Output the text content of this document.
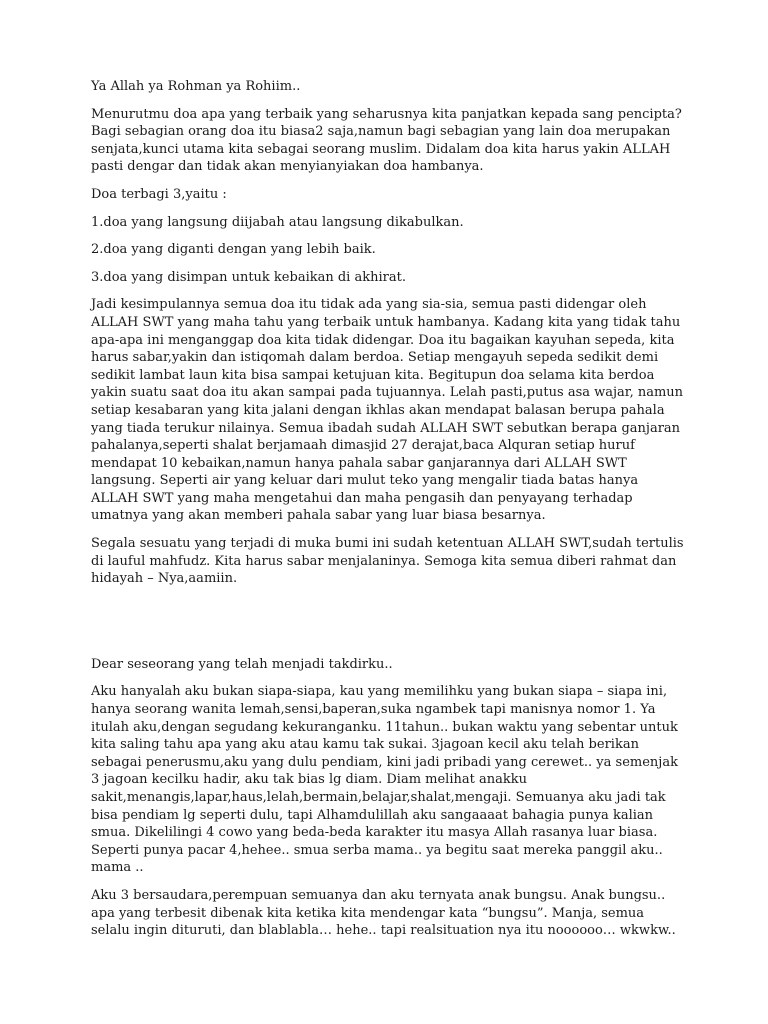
Ya Allah ya Rohman ya Rohiim..

Menurutmu doa apa yang terbaik yang seharusnya kita panjatkan kepada sang pencipta? Bagi sebagian orang doa itu biasa2 saja,namun bagi sebagian yang lain doa merupakan senjata,kunci utama kita sebagai seorang muslim. Didalam doa kita harus yakin ALLAH pasti dengar dan tidak akan menyianyiakan doa hambanya.

Doa terbagi 3,yaitu :

1.doa yang langsung diijabah atau langsung dikabulkan.

2.doa yang diganti dengan yang lebih baik.

3.doa yang disimpan untuk kebaikan di akhirat.

Jadi kesimpulannya semua doa itu tidak ada yang sia-sia, semua pasti didengar oleh ALLAH SWT yang maha tahu yang terbaik untuk hambanya. Kadang kita yang tidak tahu apa-apa ini menganggap doa kita tidak didengar. Doa itu bagaikan kayuhan sepeda, kita harus sabar,yakin dan istiqomah dalam berdoa. Setiap mengayuh sepeda sedikit demi sedikit lambat laun kita bisa sampai ketujuan kita. Begitupun doa selama kita berdoa yakin suatu saat doa itu akan sampai pada tujuannya. Lelah pasti,putus asa wajar, namun setiap kesabaran yang kita jalani dengan ikhlas akan mendapat balasan berupa pahala yang tiada terukur nilainya. Semua ibadah sudah ALLAH SWT sebutkan berapa ganjaran pahalanya,seperti shalat berjamaah dimasjid 27 derajat,baca Alquran setiap huruf mendapat 10 kebaikan,namun hanya pahala sabar ganjarannya dari ALLAH SWT langsung. Seperti air yang keluar dari mulut teko yang mengalir tiada batas hanya ALLAH SWT yang maha mengetahui dan maha pengasih dan penyayang terhadap umatnya yang akan memberi pahala sabar yang luar biasa besarnya.

Segala sesuatu yang terjadi di muka bumi ini sudah ketentuan ALLAH SWT,sudah tertulis di lauful mahfudz. Kita harus sabar menjalaninya. Semoga kita semua diberi rahmat dan hidayah – Nya,aamiin.

Dear seseorang yang telah menjadi takdirku..

Aku hanyalah aku bukan siapa-siapa, kau yang memilihku yang bukan siapa – siapa ini, hanya seorang wanita lemah,sensi,baperan,suka ngambek tapi manisnya nomor 1. Ya itulah aku,dengan segudang kekuranganku. 11tahun.. bukan waktu yang sebentar untuk kita saling tahu apa yang aku atau kamu tak sukai. 3jagoan kecil aku telah berikan sebagai penerusmu,aku yang dulu pendiam, kini jadi pribadi yang cerewet.. ya semenjak 3 jagoan kecilku hadir, aku tak bias lg diam. Diam melihat anakku sakit,menangis,lapar,haus,lelah,bermain,belajar,shalat,mengaji. Semuanya aku jadi tak bisa pendiam lg seperti dulu, tapi Alhamdulillah aku sangaaaat bahagia punya kalian smua. Dikelilingi 4 cowo yang beda-beda karakter itu masya Allah rasanya luar biasa. Seperti punya pacar 4,hehee.. smua serba mama.. ya begitu saat mereka panggil aku.. mama ..

Aku 3 bersaudara,perempuan semuanya dan aku ternyata anak bungsu. Anak bungsu.. apa yang terbesit dibenak kita ketika kita mendengar kata “bungsu”. Manja, semua selalu ingin dituruti, dan blablabla… hehe.. tapi realsituation nya itu noooooo… wkwkw..
